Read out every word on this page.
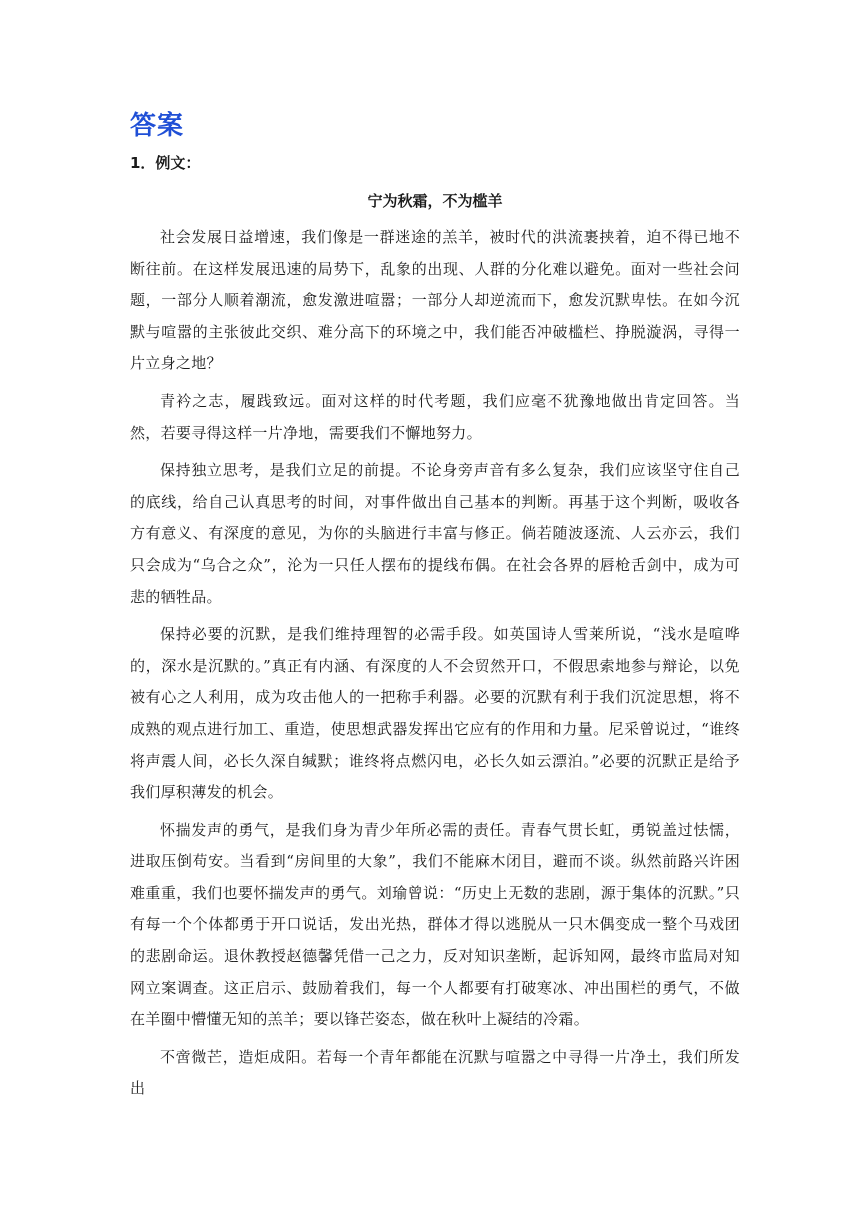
答案
1．例文：
宁为秋霜，不为槛羊

社会发展日益增速，我们像是一群迷途的羔羊，被时代的洪流裹挟着，迫不得已地不断往前。在这样发展迅速的局势下，乱象的出现、人群的分化难以避免。面对一些社会问题，一部分人顺着潮流，愈发激进喧嚣；一部分人却逆流而下，愈发沉默卑怯。在如今沉默与喧嚣的主张彼此交织、难分高下的环境之中，我们能否冲破槛栏、挣脱漩涡，寻得一片立身之地？

青衿之志，履践致远。面对这样的时代考题，我们应毫不犹豫地做出肯定回答。当然，若要寻得这样一片净地，需要我们不懈地努力。

保持独立思考，是我们立足的前提。不论身旁声音有多么复杂，我们应该坚守住自己的底线，给自己认真思考的时间，对事件做出自己基本的判断。再基于这个判断，吸收各方有意义、有深度的意见，为你的头脑进行丰富与修正。倘若随波逐流、人云亦云，我们只会成为“乌合之众”，沦为一只任人摆布的提线布偶。在社会各界的唇枪舌剑中，成为可悲的牺牲品。

保持必要的沉默，是我们维持理智的必需手段。如英国诗人雪莱所说，“浅水是喧哗的，深水是沉默的。”真正有内涵、有深度的人不会贸然开口，不假思索地参与辩论，以免被有心之人利用，成为攻击他人的一把称手利器。必要的沉默有利于我们沉淀思想，将不成熟的观点进行加工、重造，使思想武器发挥出它应有的作用和力量。尼采曾说过，“谁终将声震人间，必长久深自缄默；谁终将点燃闪电，必长久如云漂泊。”必要的沉默正是给予我们厚积薄发的机会。

怀揣发声的勇气，是我们身为青少年所必需的责任。青春气贯长虹，勇锐盖过怯懦，进取压倒苟安。当看到“房间里的大象”，我们不能麻木闭目，避而不谈。纵然前路兴许困难重重，我们也要怀揣发声的勇气。刘瑜曾说：“历史上无数的悲剧，源于集体的沉默。”只有每一个个体都勇于开口说话，发出光热，群体才得以逃脱从一只木偶变成一整个马戏团的悲剧命运。退休教授赵德馨凭借一己之力，反对知识垄断，起诉知网，最终市监局对知网立案调查。这正启示、鼓励着我们，每一个人都要有打破寒冰、冲出围栏的勇气，不做在羊圈中懵懂无知的羔羊；要以锋芒姿态，做在秋叶上凝结的冷霜。

不啻微芒，造炬成阳。若每一个青年都能在沉默与喧嚣之中寻得一片净土，我们所发出
